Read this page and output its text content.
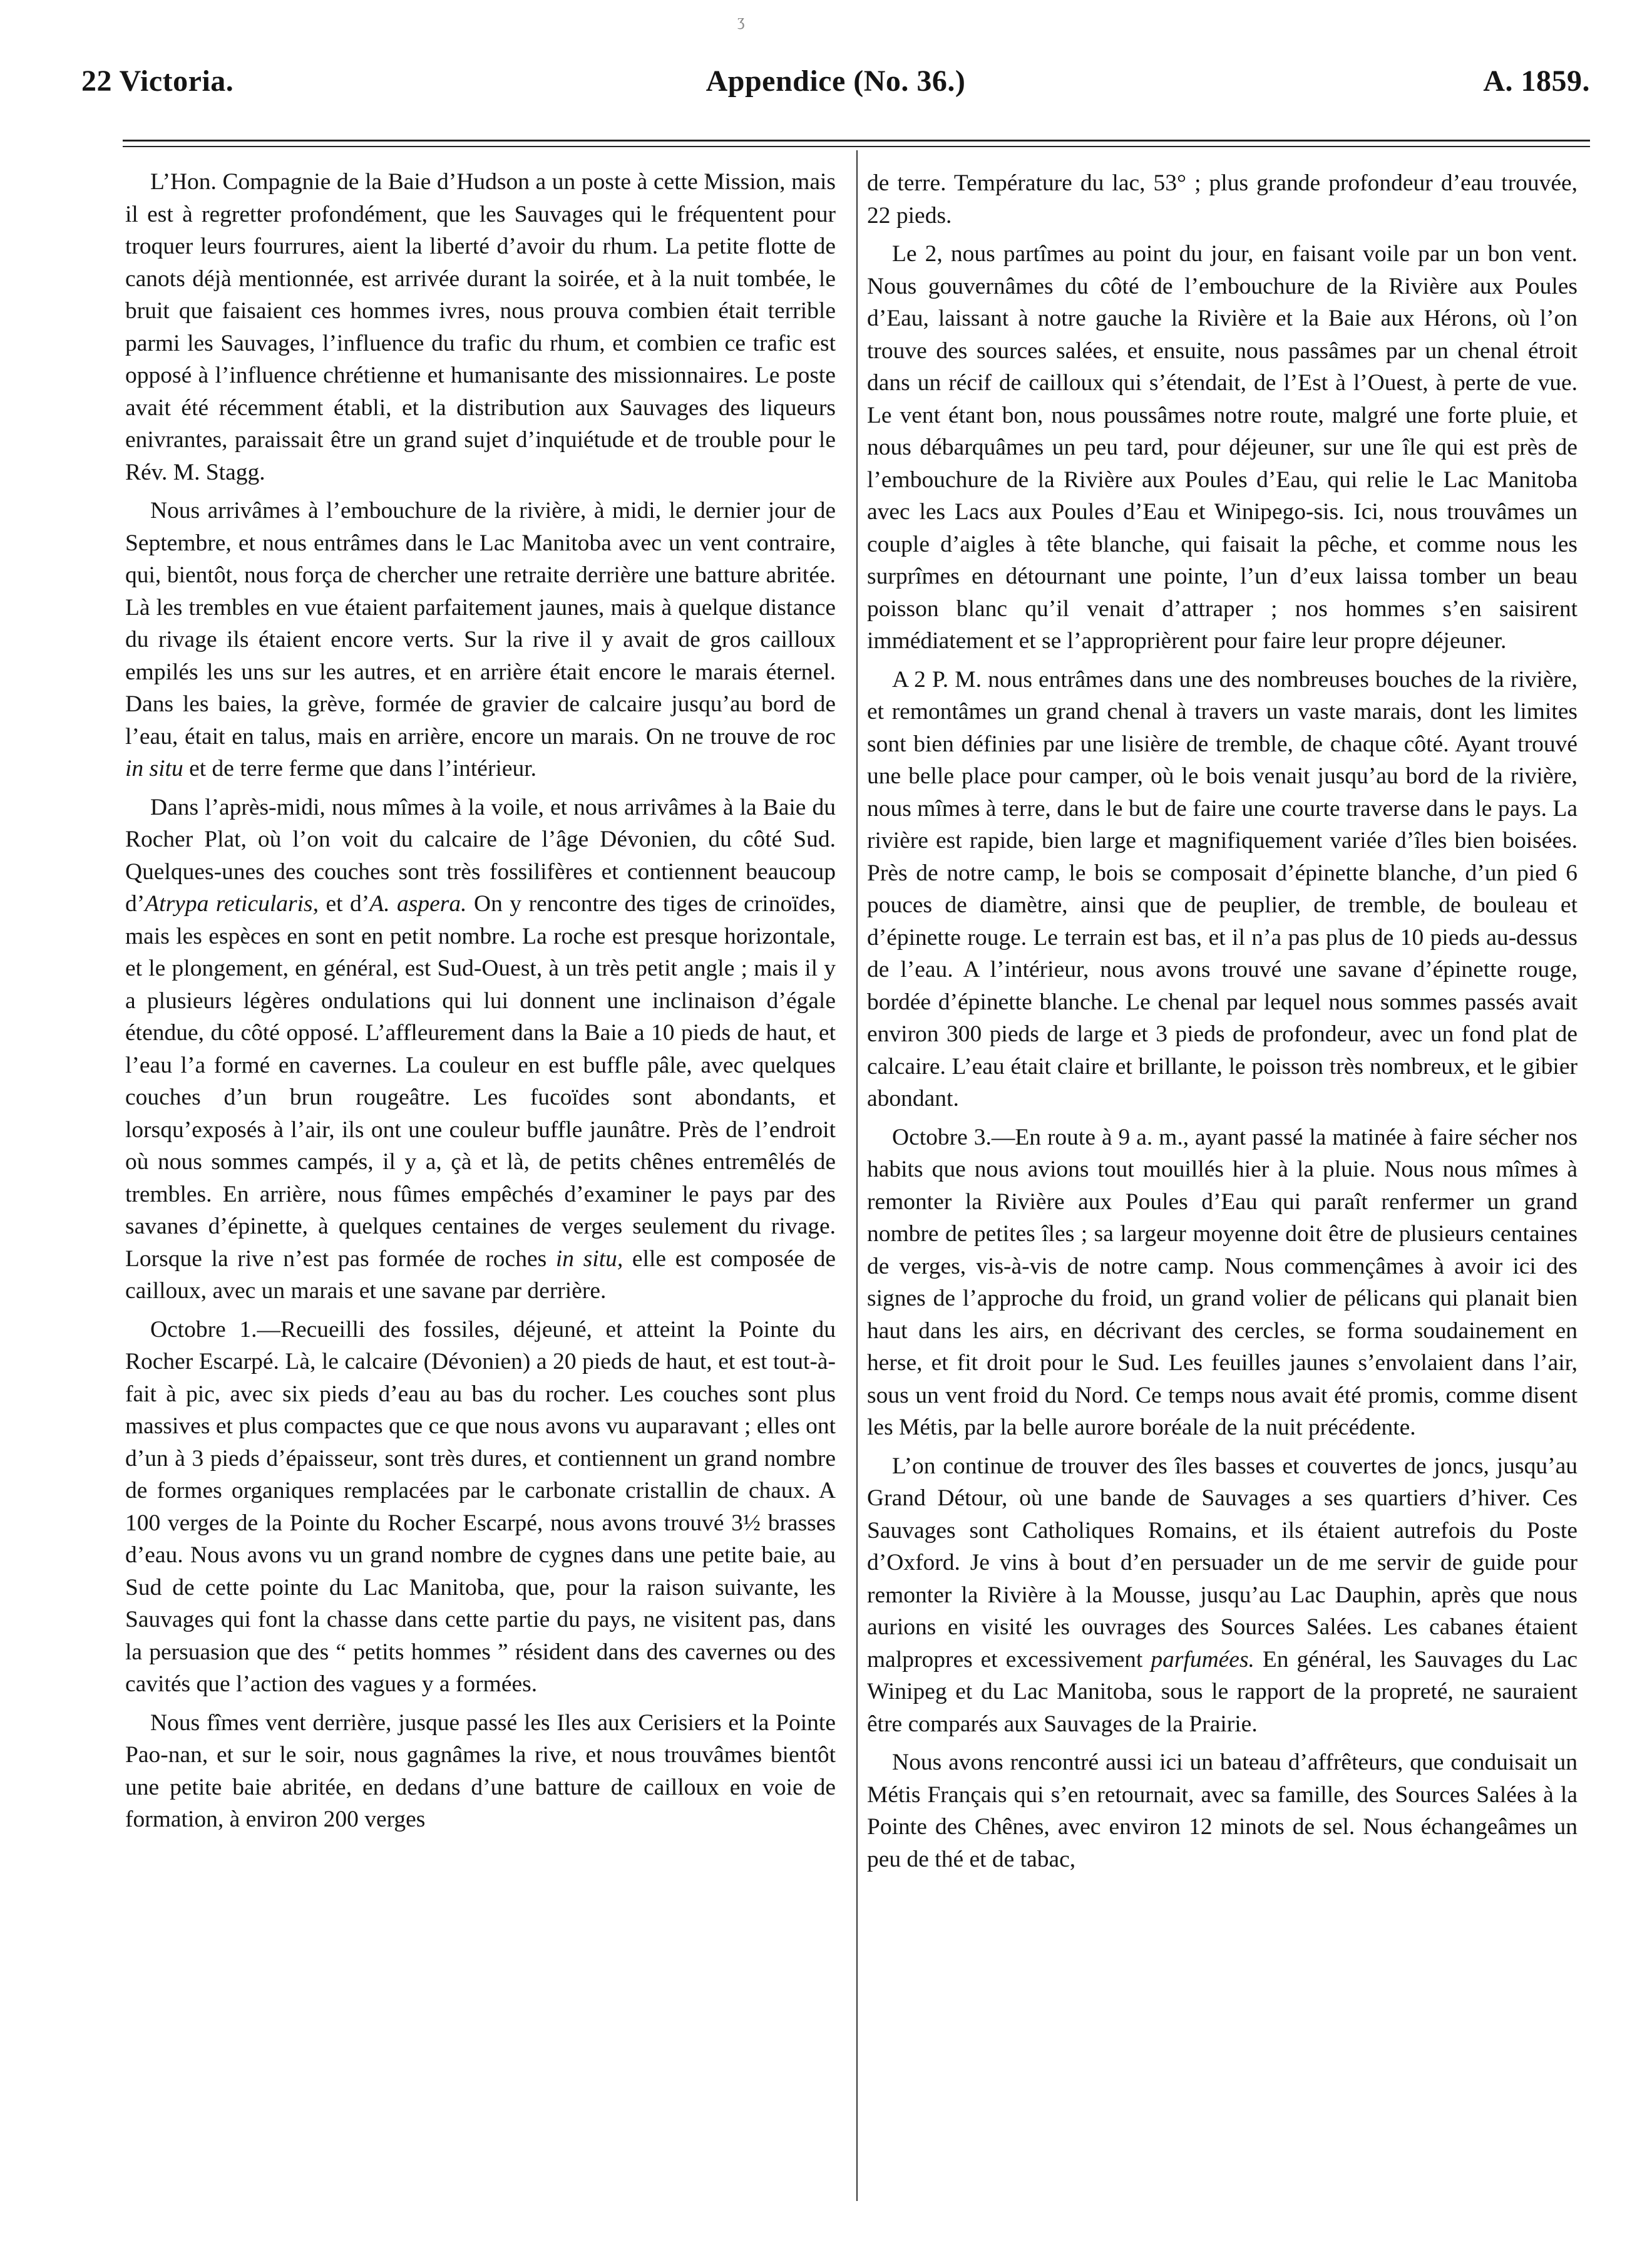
ʒ
22 Victoria.	Appendice (No. 36.)	A. 1859.

L’Hon. Compagnie de la Baie d’Hudson a un poste à cette Mission, mais il est à regretter profondément, que les Sauvages qui le fréquentent pour troquer leurs fourrures, aient la liberté d’avoir du rhum. La petite flotte de canots déjà mentionnée, est arrivée durant la soirée, et à la nuit tombée, le bruit que faisaient ces hommes ivres, nous prouva combien était terrible parmi les Sauvages, l’influence du trafic du rhum, et combien ce trafic est opposé à l’influence chrétienne et humanisante des missionnaires. Le poste avait été récemment établi, et la distribution aux Sauvages des liqueurs enivrantes, paraissait être un grand sujet d’inquiétude et de trouble pour le Rév. M. Stagg.

Nous arrivâmes à l’embouchure de la rivière, à midi, le dernier jour de Septembre, et nous entrâmes dans le Lac Manitoba avec un vent contraire, qui, bientôt, nous força de chercher une retraite derrière une batture abritée. Là les trembles en vue étaient parfaitement jaunes, mais à quelque distance du rivage ils étaient encore verts. Sur la rive il y avait de gros cailloux empilés les uns sur les autres, et en arrière était encore le marais éternel. Dans les baies, la grève, formée de gravier de calcaire jusqu’au bord de l’eau, était en talus, mais en arrière, encore un marais. On ne trouve de roc in situ et de terre ferme que dans l’intérieur.

Dans l’après-midi, nous mîmes à la voile, et nous arrivâmes à la Baie du Rocher Plat, où l’on voit du calcaire de l’âge Dévonien, du côté Sud. Quelques-unes des couches sont très fossilifères et contiennent beaucoup d’Atrypa reticularis, et d’A. aspera. On y rencontre des tiges de crinoïdes, mais les espèces en sont en petit nombre. La roche est presque horizontale, et le plongement, en général, est Sud-Ouest, à un très petit angle ; mais il y a plusieurs légères ondulations qui lui donnent une inclinaison d’égale étendue, du côté opposé. L’affleurement dans la Baie a 10 pieds de haut, et l’eau l’a formé en cavernes. La couleur en est buffle pâle, avec quelques couches d’un brun rougeâtre. Les fucoïdes sont abondants, et lorsqu’exposés à l’air, ils ont une couleur buffle jaunâtre. Près de l’endroit où nous sommes campés, il y a, çà et là, de petits chênes entremêlés de trembles. En arrière, nous fûmes empêchés d’examiner le pays par des savanes d’épinette, à quelques centaines de verges seulement du rivage. Lorsque la rive n’est pas formée de roches in situ, elle est composée de cailloux, avec un marais et une savane par derrière.

Octobre 1.—Recueilli des fossiles, déjeuné, et atteint la Pointe du Rocher Escarpé. Là, le calcaire (Dévonien) a 20 pieds de haut, et est tout-à-fait à pic, avec six pieds d’eau au bas du rocher. Les couches sont plus massives et plus compactes que ce que nous avons vu auparavant ; elles ont d’un à 3 pieds d’épaisseur, sont très dures, et contiennent un grand nombre de formes organiques remplacées par le carbonate cristallin de chaux. A 100 verges de la Pointe du Rocher Escarpé, nous avons trouvé 3½ brasses d’eau. Nous avons vu un grand nombre de cygnes dans une petite baie, au Sud de cette pointe du Lac Manitoba, que, pour la raison suivante, les Sauvages qui font la chasse dans cette partie du pays, ne visitent pas, dans la persuasion que des “ petits hommes ” résident dans des cavernes ou des cavités que l’action des vagues y a formées.

Nous fîmes vent derrière, jusque passé les Iles aux Cerisiers et la Pointe Pao-nan, et sur le soir, nous gagnâmes la rive, et nous trouvâmes bientôt une petite baie abritée, en dedans d’une batture de cailloux en voie de formation, à environ 200 verges

de terre. Température du lac, 53° ; plus grande profondeur d’eau trouvée, 22 pieds.

Le 2, nous partîmes au point du jour, en faisant voile par un bon vent. Nous gouvernâmes du côté de l’embouchure de la Rivière aux Poules d’Eau, laissant à notre gauche la Rivière et la Baie aux Hérons, où l’on trouve des sources salées, et ensuite, nous passâmes par un chenal étroit dans un récif de cailloux qui s’étendait, de l’Est à l’Ouest, à perte de vue. Le vent étant bon, nous poussâmes notre route, malgré une forte pluie, et nous débarquâmes un peu tard, pour déjeuner, sur une île qui est près de l’embouchure de la Rivière aux Poules d’Eau, qui relie le Lac Manitoba avec les Lacs aux Poules d’Eau et Winipego-sis. Ici, nous trouvâmes un couple d’aigles à tête blanche, qui faisait la pêche, et comme nous les surprîmes en détournant une pointe, l’un d’eux laissa tomber un beau poisson blanc qu’il venait d’attraper ; nos hommes s’en saisirent immédiatement et se l’approprièrent pour faire leur propre déjeuner.

A 2 P. M. nous entrâmes dans une des nombreuses bouches de la rivière, et remontâmes un grand chenal à travers un vaste marais, dont les limites sont bien définies par une lisière de tremble, de chaque côté. Ayant trouvé une belle place pour camper, où le bois venait jusqu’au bord de la rivière, nous mîmes à terre, dans le but de faire une courte traverse dans le pays. La rivière est rapide, bien large et magnifiquement variée d’îles bien boisées. Près de notre camp, le bois se composait d’épinette blanche, d’un pied 6 pouces de diamètre, ainsi que de peuplier, de tremble, de bouleau et d’épinette rouge. Le terrain est bas, et il n’a pas plus de 10 pieds au-dessus de l’eau. A l’intérieur, nous avons trouvé une savane d’épinette rouge, bordée d’épinette blanche. Le chenal par lequel nous sommes passés avait environ 300 pieds de large et 3 pieds de profondeur, avec un fond plat de calcaire. L’eau était claire et brillante, le poisson très nombreux, et le gibier abondant.

Octobre 3.—En route à 9 a. m., ayant passé la matinée à faire sécher nos habits que nous avions tout mouillés hier à la pluie. Nous nous mîmes à remonter la Rivière aux Poules d’Eau qui paraît renfermer un grand nombre de petites îles ; sa largeur moyenne doit être de plusieurs centaines de verges, vis-à-vis de notre camp. Nous commençâmes à avoir ici des signes de l’approche du froid, un grand volier de pélicans qui planait bien haut dans les airs, en décrivant des cercles, se forma soudainement en herse, et fit droit pour le Sud. Les feuilles jaunes s’envolaient dans l’air, sous un vent froid du Nord. Ce temps nous avait été promis, comme disent les Métis, par la belle aurore boréale de la nuit précédente.

L’on continue de trouver des îles basses et couvertes de joncs, jusqu’au Grand Détour, où une bande de Sauvages a ses quartiers d’hiver. Ces Sauvages sont Catholiques Romains, et ils étaient autrefois du Poste d’Oxford. Je vins à bout d’en persuader un de me servir de guide pour remonter la Rivière à la Mousse, jusqu’au Lac Dauphin, après que nous aurions en visité les ouvrages des Sources Salées. Les cabanes étaient malpropres et excessivement parfumées. En général, les Sauvages du Lac Winipeg et du Lac Manitoba, sous le rapport de la propreté, ne sauraient être comparés aux Sauvages de la Prairie.

Nous avons rencontré aussi ici un bateau d’affrêteurs, que conduisait un Métis Français qui s’en retournait, avec sa famille, des Sources Salées à la Pointe des Chênes, avec environ 12 minots de sel. Nous échangeâmes un peu de thé et de tabac,
